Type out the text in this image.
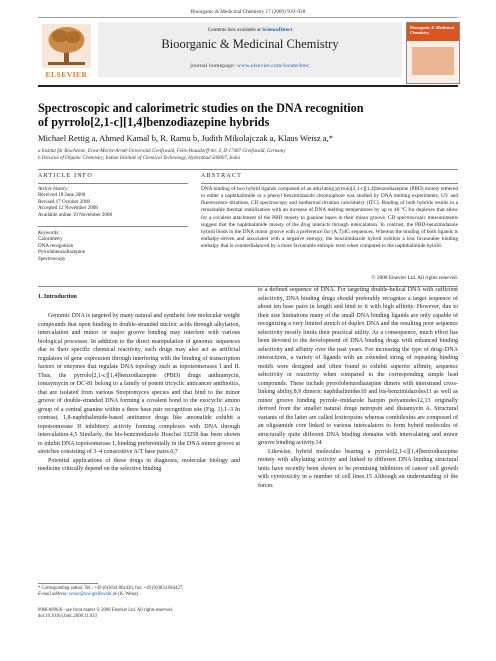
Bioorganic & Medicinal Chemistry 17 (2009) 919–928
ELSEVIER
Contents lists available at ScienceDirect
Bioorganic & Medicinal Chemistry
journal homepage: www.elsevier.com/locate/bmc
Bioorganic & Medicinal Chemistry
Spectroscopic and calorimetric studies on the DNA recognition
of pyrrolo[2,1-c][1,4]benzodiazepine hybrids
Michael Rettig a, Ahmed Kamal b, R. Ramu b, Judith Mikolajczak a, Klaus Weisz a,*
a Institut für Biochemie, Ernst-Moritz-Arndt-Universität Greifswald, Felix-Hausdorff-Str. 4, D-17487 Greifswald, Germany
b Division of Organic Chemistry, Indian Institute of Chemical Technology, Hyderabad 500007, India
ARTICLE INFO
Article history:
Received 18 June 2008
Revised 17 October 2008
Accepted 12 November 2008
Available online 19 November 2008
Keywords:
Calorimetry
DNA recognition
Pyrrolobenzodiazepine
Spectroscopy
ABSTRACT
DNA binding of two hybrid ligands composed of an alkylating pyrrolo[2,1-c][1,4]benzodiazepine (PBD) moiety tethered to either a naphthalimide or a phenyl benzimidazole chromophore was studied by DNA melting experiments, UV and fluorescence titrations, CD spectroscopy and isothermal titration calorimetry (ITC). Binding of both hybrids results in a remarkable thermal stabilization with an increase of DNA melting temperatures by up to 40 °C for duplexes that allow for a covalent attachment of the PBD moiety to guanine bases in their minor groove. CD spectroscopic measurements suggest that the naphthalimide moiety of the drug interacts through intercalation. In contrast, the PBD-benzimidazole hybrid binds in the DNA minor groove with a preference for (A,T)4G sequences. Whereas the binding of both ligands is enthalpy-driven and associated with a negative entropy, the benzimidazole hybrid exhibits a less favourable binding enthalpy that is counterbalanced by a more favourable entropic term when compared to the naphthalimide hybrid.
© 2008 Elsevier Ltd. All rights reserved.
1. Introduction

Genomic DNA is targeted by many natural and synthetic low molecular weight compounds that upon binding to double-stranded nucleic acids through alkylation, intercalation and minor or major groove binding may interfere with various biological processes. In addition to the direct manipulation of genomic sequences due to their specific chemical reactivity, such drugs may also act as artificial regulators of gene expression through interfering with the binding of transcription factors or enzymes that regulate DNA topology such as topoisomerases I and II. Thus, the pyrrolo[2,1-c][1,4]benzodiazepine (PBD) drugs anthramycin, tomaymycin or DC-81 belong to a family of potent tricyclic anticancer antibiotics, that are isolated from various Streptomyces species and that bind to the minor groove of double-stranded DNA forming a covalent bond to the exocyclic amino group of a central guanine within a three base pair recognition site (Fig. 1).1–3 In contrast, 1,8-naphthalimide-based antitumor drugs like amonafide exhibit a topoisomerase II inhibitory activity forming complexes with DNA through intercalation.4,5 Similarly, the bis-benzimidazole Hoechst 33258 has been shown to inhibit DNA topoisomerase I, binding preferentially in the DNA minor groove at stretches consisting of 3–4 consecutive A/T base pairs.6,7

Potential applications of these drugs in diagnosis, molecular biology and medicine critically depend on the selective binding

to a defined sequence of DNA. For targeting double-helical DNA with sufficient selectivity, DNA binding drugs should preferably recognize a target sequence of about ten base pairs in length and bind to it with high affinity. However, due to their size limitations many of the small DNA binding ligands are only capable of recognizing a very limited stretch of duplex DNA and the resulting poor sequence selectivity mostly limits their practical utility. As a consequence, much effort has been devoted to the development of DNA binding drugs with enhanced binding selectivity and affinity over the past years. For increasing the type of drug–DNA interactions, a variety of ligands with an extended string of repeating binding motifs were designed and often found to exhibit superior affinity, sequence selectivity or reactivity when compared to the corresponding simple lead compounds. These include pyrrolobenzodiazepine dimers with interstrand cross-linking ability,8,9 dimeric naphthalimides10 and bis-benzimidazoles11 as well as minor groove binding pyrrole–imidazole hairpin polyamides12,13 originally derived from the smaller natural drugs netropsin and distamycin A. Structural variants of the latter are called lexitropsins whereas combilexins are composed of an oligoamide core linked to various intercalators to form hybrid molecules of structurally quite different DNA binding domains with intercalating and minor groove binding activity.14

Likewise, hybrid molecules bearing a pyrrolo[2,1-c][1,4]benzodiazepine moiety with alkylating activity and linked to different DNA binding structural units have recently been shown to be promising inhibitors of cancer cell growth with cytotoxicity in a number of cell lines.15 Although an understanding of the forces

* Corresponding author. Tel.: +49 (0)3834 864426; fax: +49 (0)3834 864427.
E-mail address: weisz@uni-greifswald.de (K. Weisz).
0968-0896/$ - see front matter © 2008 Elsevier Ltd. All rights reserved.
doi:10.1016/j.bmc.2008.11.033
